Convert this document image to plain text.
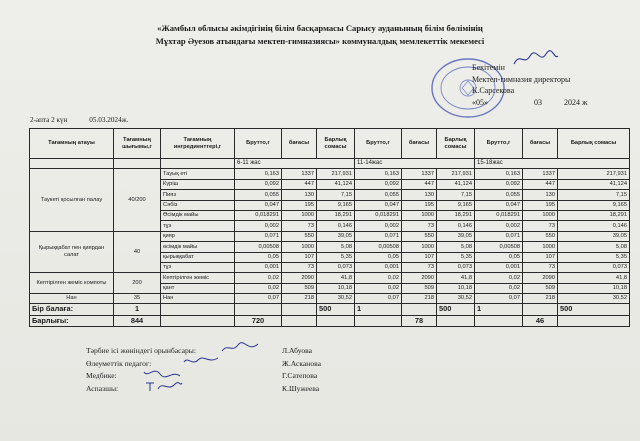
«Жамбыл облысы әкімдігінің білім басқармасы Сарысу ауданының білім бөлімінің
Мұхтар Әуезов атындағы мектеп-гимназиясы» коммуналдық мемлекеттік мекемесі
Бекітемін
Мектеп-гимназия директоры
К.Сарсекова
«05»	03	2024 ж
2-апта 2 күн	05.03.2024ж.
Тағамның атауы	Тағамның шығымы,г	Тағамның ингредиенттері,г	Брутто,г	бағасы	Барлық сомасы	Брутто,г	бағасы	Барлық сомасы	Брутто,г	бағасы	Барлық сомасы
			6-11 жас			11-14жас			15-18жас		
Таукеті қосылған палау	40/200	Тауық еті	0,163	1337	217,931	0,163	1337	217,931	0,163	1337	217,931
		Күріш	0,092	447	41,124	0,092	447	41,124	0,092	447	41,124
		Пияз	0,055	130	7,15	0,055	130	7,15	0,055	130	7,15
		Сәбіз	0,047	195	9,165	0,047	195	9,165	0,047	195	9,165
		Өсімдік майы	0,018291	1000	18,291	0,018291	1000	18,291	0,018291	1000	18,291
		тұз	0,002	73	0,146	0,002	73	0,146	0,002	73	0,146
Қырыққабат пен қиярдан салат	40	қияр	0,071	550	39,05	0,071	550	39,05	0,071	550	39,05
		өсімдік майы	0,00508	1000	5,08	0,00508	1000	5,08	0,00508	1000	5,08
		қырыққабат	0,05	107	5,35	0,05	107	5,35	0,05	107	5,35
		тұз	0,001	73	0,073	0,001	73	0,073	0,001	73	0,073
Кептірілген жеміс компоты	200	Кептірілген жеміс	0,02	2090	41,8	0,02	2090	41,8	0,02	2090	41,8
		қант	0,02	509	10,18	0,02	509	10,18	0,02	509	10,18
Нан	35	Нан	0,07	218	30,52	0,07	218	30,52	0,07	218	30,52
Бір балаға:	1				500	1		500	1		500
Барлығы:	844		720				78			46	
Тәрбие ісі жөніндегі орынбасары:	Л.Абуова
Өлеуметтік педагог:	Ж.Асканова
Медбике:	Г.Сатепова
Аспазшы:	К.Шужеева
